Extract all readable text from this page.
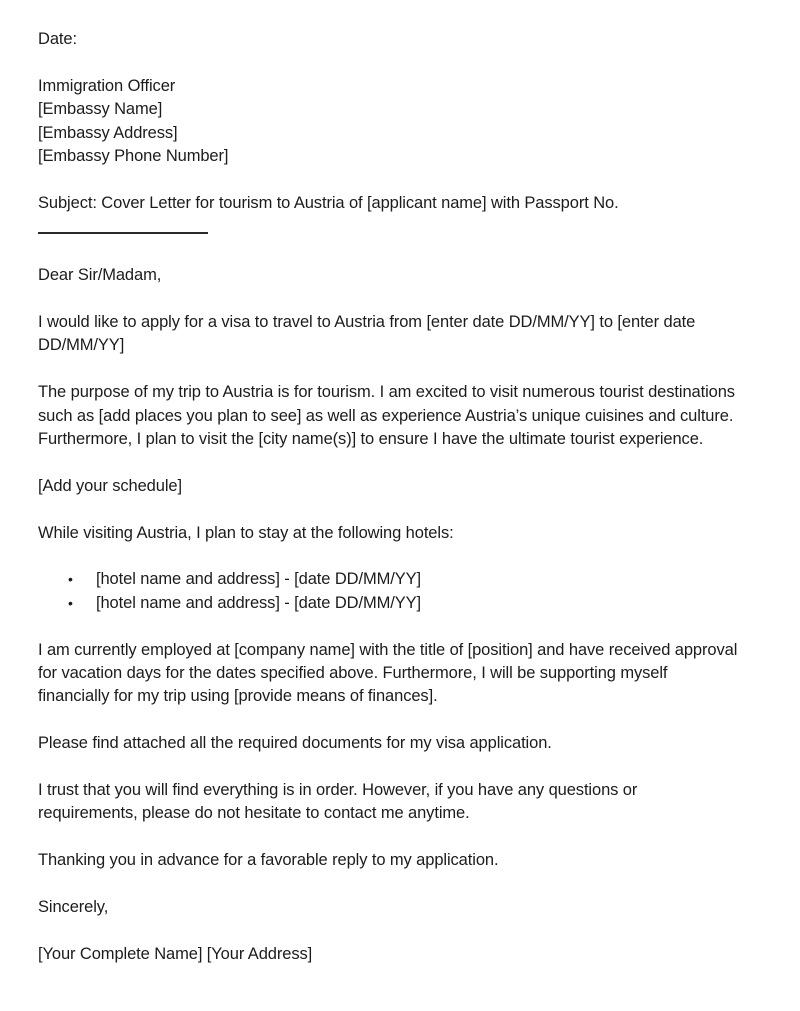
Date:

Immigration Officer
[Embassy Name]
[Embassy Address]
[Embassy Phone Number]

Subject: Cover Letter for tourism to Austria of [applicant name] with Passport No.

Dear Sir/Madam,

I would like to apply for a visa to travel to Austria from [enter date DD/MM/YY] to [enter date DD/MM/YY]

The purpose of my trip to Austria is for tourism. I am excited to visit numerous tourist destinations such as [add places you plan to see] as well as experience Austria’s unique cuisines and culture. Furthermore, I plan to visit the [city name(s)] to ensure I have the ultimate tourist experience.

[Add your schedule]

While visiting Austria, I plan to stay at the following hotels:

•	[hotel name and address] - [date DD/MM/YY]
•	[hotel name and address] - [date DD/MM/YY]

I am currently employed at [company name] with the title of [position] and have received approval for vacation days for the dates specified above. Furthermore, I will be supporting myself financially for my trip using [provide means of finances].

Please find attached all the required documents for my visa application.

I trust that you will find everything is in order. However, if you have any questions or requirements, please do not hesitate to contact me anytime.

Thanking you in advance for a favorable reply to my application.

Sincerely,

[Your Complete Name] [Your Address]
